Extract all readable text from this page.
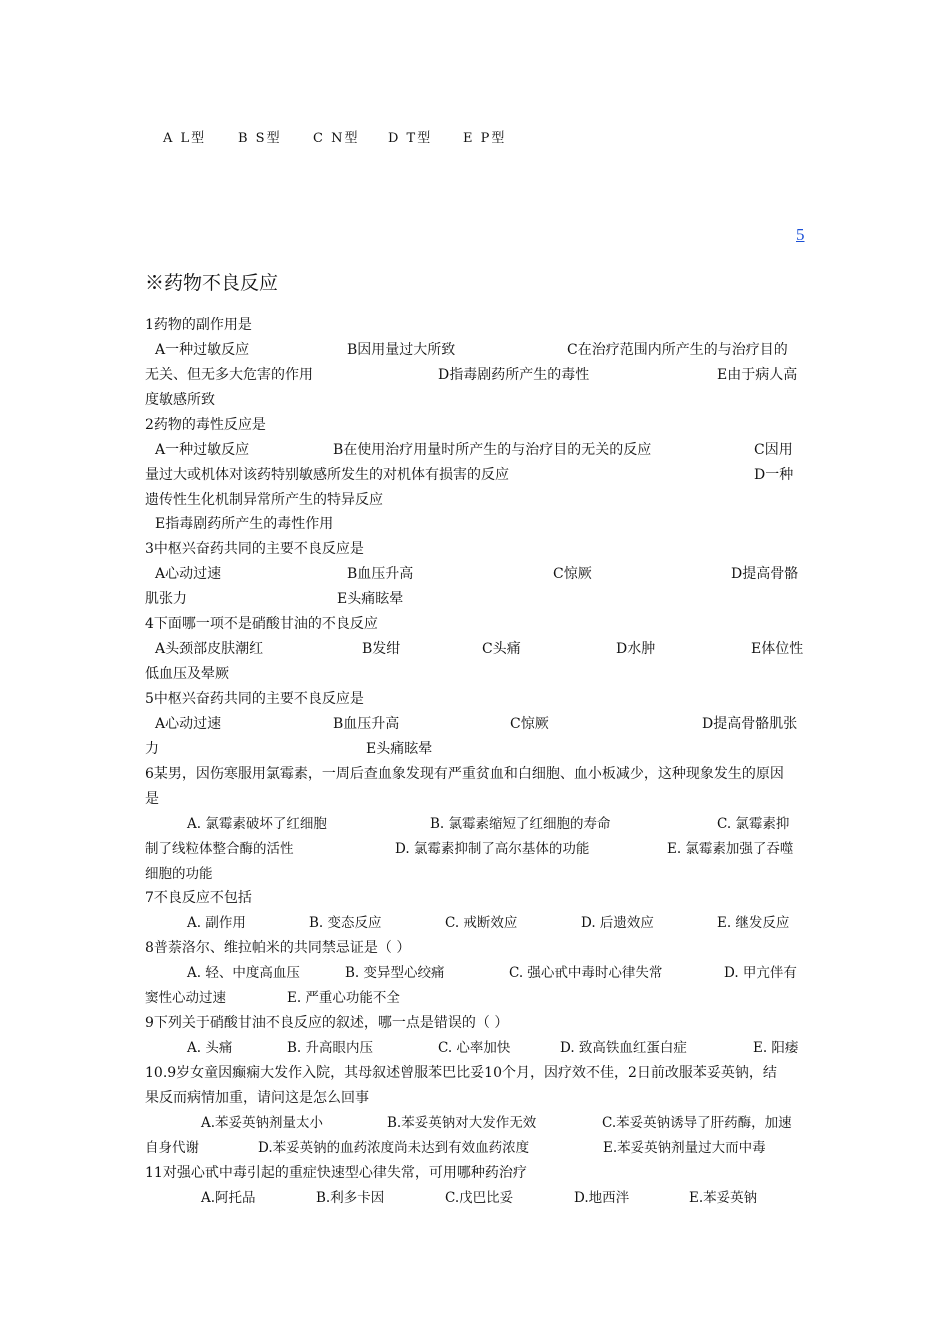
A L型 B S型 C N型 D T型 E P型
5
※药物不良反应
1药物的副作用是
A一种过敏反应	B因用量过大所致	C在治疗范围内所产生的与治疗目的
无关、但无多大危害的作用	D指毒剧药所产生的毒性	E由于病人高
度敏感所致
2药物的毒性反应是
A一种过敏反应	B在使用治疗用量时所产生的与治疗目的无关的反应	C因用
量过大或机体对该药特别敏感所发生的对机体有损害的反应	D一种
遗传性生化机制异常所产生的特异反应
E指毒剧药所产生的毒性作用
3中枢兴奋药共同的主要不良反应是
A心动过速	B血压升高	C惊厥	D提高骨骼
肌张力	E头痛眩晕
4下面哪一项不是硝酸甘油的不良反应
A头颈部皮肤潮红	B发绀	C头痛	D水肿	E体位性
低血压及晕厥
5中枢兴奋药共同的主要不良反应是
A心动过速	B血压升高	C惊厥	D提高骨骼肌张
力	E头痛眩晕
6某男，因伤寒服用氯霉素，一周后查血象发现有严重贫血和白细胞、血小板减少，这种现象发生的原因
是
A. 氯霉素破坏了红细胞	B. 氯霉素缩短了红细胞的寿命	C. 氯霉素抑
制了线粒体整合酶的活性	D. 氯霉素抑制了高尔基体的功能	E. 氯霉素加强了吞噬
细胞的功能
7不良反应不包括
A. 副作用	B. 变态反应	C. 戒断效应	D. 后遗效应	E. 继发反应
8普萘洛尔、维拉帕米的共同禁忌证是（ ）
A. 轻、中度高血压	B. 变异型心绞痛	C. 强心甙中毒时心律失常	D. 甲亢伴有
窦性心动过速	E. 严重心功能不全
9下列关于硝酸甘油不良反应的叙述，哪一点是错误的（ ）
A. 头痛	B. 升高眼内压	C. 心率加快	D. 致高铁血红蛋白症	E. 阳痿
10.9岁女童因癫痫大发作入院，其母叙述曾服苯巴比妥10个月，因疗效不佳，2日前改服苯妥英钠，结
果反而病情加重，请问这是怎么回事
A.苯妥英钠剂量太小	B.苯妥英钠对大发作无效	C.苯妥英钠诱导了肝药酶，加速
自身代谢	D.苯妥英钠的血药浓度尚未达到有效血药浓度	E.苯妥英钠剂量过大而中毒
11对强心甙中毒引起的重症快速型心律失常，可用哪种药治疗
A.阿托品	B.利多卡因	C.戊巴比妥	D.地西泮	E.苯妥英钠
